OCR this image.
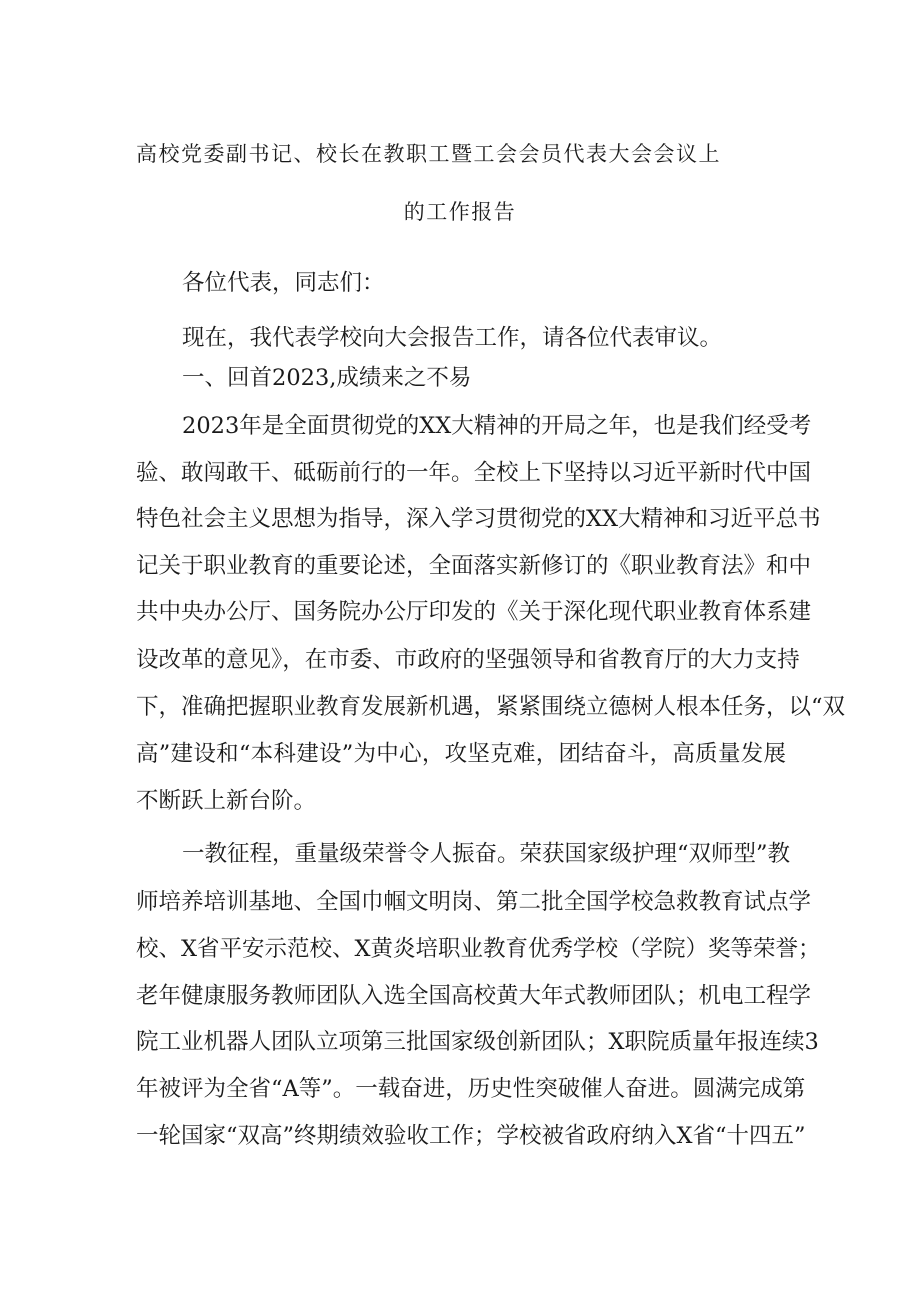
高校党委副书记、校长在教职工暨工会会员代表大会会议上
的工作报告
各位代表，同志们：
现在，我代表学校向大会报告工作，请各位代表审议。
一、回首2023,成绩来之不易
2023年是全面贯彻党的XX大精神的开局之年，也是我们经受考
验、敢闯敢干、砥砺前行的一年。全校上下坚持以习近平新时代中国
特色社会主义思想为指导，深入学习贯彻党的XX大精神和习近平总书
记关于职业教育的重要论述，全面落实新修订的《职业教育法》和中
共中央办公厅、国务院办公厅印发的《关于深化现代职业教育体系建
设改革的意见》，在市委、市政府的坚强领导和省教育厅的大力支持
下，准确把握职业教育发展新机遇，紧紧围绕立德树人根本任务，以“双
高”建设和“本科建设”为中心，攻坚克难，团结奋斗，高质量发展
不断跃上新台阶。
一教征程，重量级荣誉令人振奋。荣获国家级护理“双师型”教
师培养培训基地、全国巾帼文明岗、第二批全国学校急救教育试点学
校、X省平安示范校、X黄炎培职业教育优秀学校（学院）奖等荣誉；
老年健康服务教师团队入选全国高校黄大年式教师团队；机电工程学
院工业机器人团队立项第三批国家级创新团队；X职院质量年报连续3
年被评为全省“A等”。一载奋进，历史性突破催人奋进。圆满完成第
一轮国家“双高”终期绩效验收工作；学校被省政府纳入X省“十四五”
